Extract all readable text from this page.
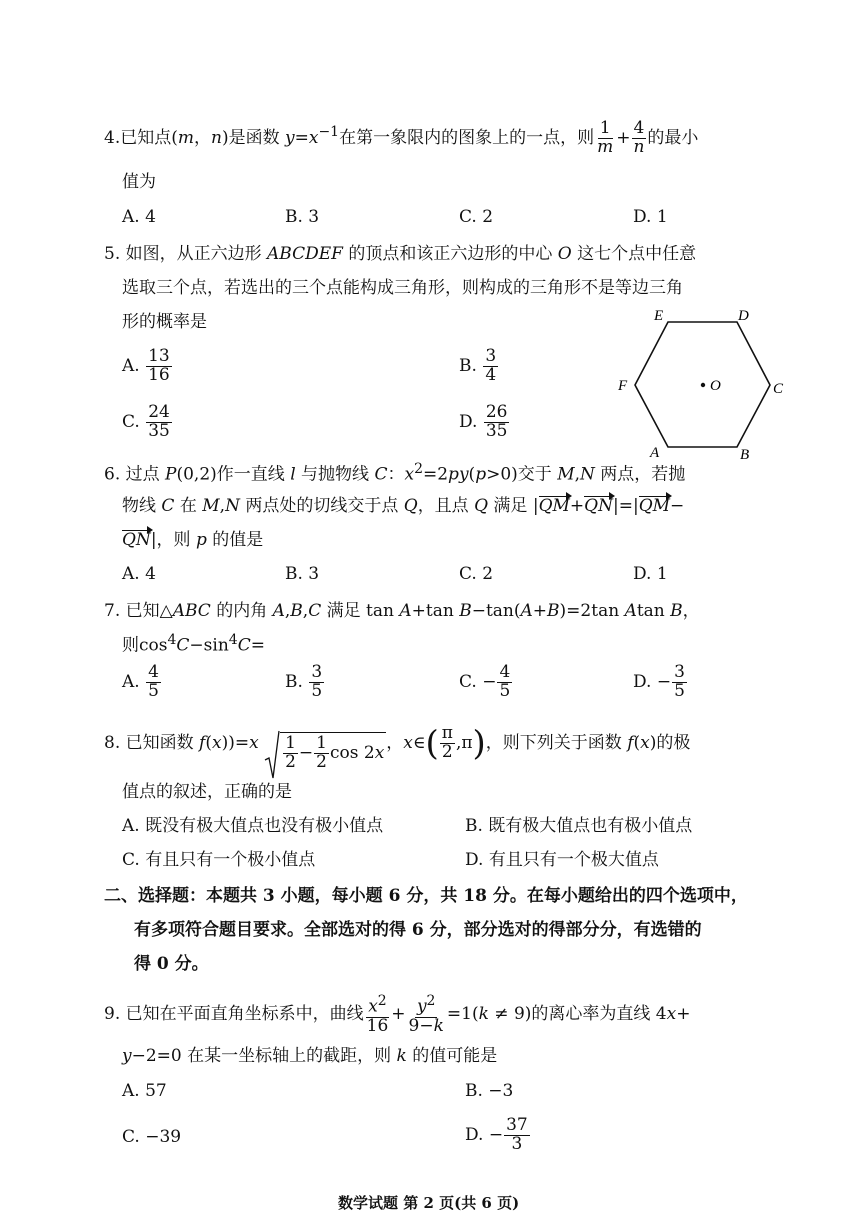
4.已知点(m，n)是函数 $y=x^{-1}$在第一象限内的图象上的一点，则 $\frac{1}{m} + \frac{4}{n}$ 的最小
值为
A. 4	B. 3	C. 2	D. 1
5. 如图，从正六边形 ABCDEF 的顶点和该正六边形的中心 O 这七个点中任意
选取三个点，若选出的三个点能构成三角形，则构成的三角形不是等边三角
形的概率是
A. $\frac{13}{16}$	B. $\frac{3}{4}$
C. $\frac{24}{35}$	D. $\frac{26}{35}$
E	D
F	C
O
A	B
6. 过点 P(0,2)作一直线 l 与抛物线 C：$x^2=2py(p>0)$交于 M,N 两点，若抛
物线 C 在 M,N 两点处的切线交于点 Q，且点 Q 满足 |QM+QN|=|QM−
QN|，则 p 的值是
A. 4	B. 3	C. 2	D. 1
7. 已知△ABC 的内角 A,B,C 满足 tan A+tan B−tan(A+B)=2tan Atan B，
则$\cos^4C-\sin^4C=$
A. $\frac{4}{5}$	B. $\frac{3}{5}$	C. − $\frac{4}{5}$	D. − $\frac{3}{5}$
8. 已知函数 f(x))=x 1
$2 - \frac{1}{2}$ cos 2 x
，x∈( $\frac{\pi}{2} ,\pi$)，则下列关于函数 f(x)的极
值点的叙述，正确的是
A. 既没有极大值点也没有极小值点	B. 既有极大值点也有极小值点
C. 有且只有一个极小值点	D. 有且只有一个极大值点
二、选择题：本题共 3 小题，每小题 6 分，共 18 分。在每小题给出的四个选项中，
有多项符合题目要求。全部选对的得 6 分，部分选对的得部分分，有选错的
得 0 分。
9. 已知在平面直角坐标系中，曲线 $\frac{x^2}{16} + \frac{y^2}{9-k} =1(k \ne 9)$的离心率为直线 4x+
y−2=0 在某一坐标轴上的截距，则 k 的值可能是
A. 57	B. −3
C. −39	D. − $\frac{37}{3}$
数学试题 第 2 页(共 6 页)
